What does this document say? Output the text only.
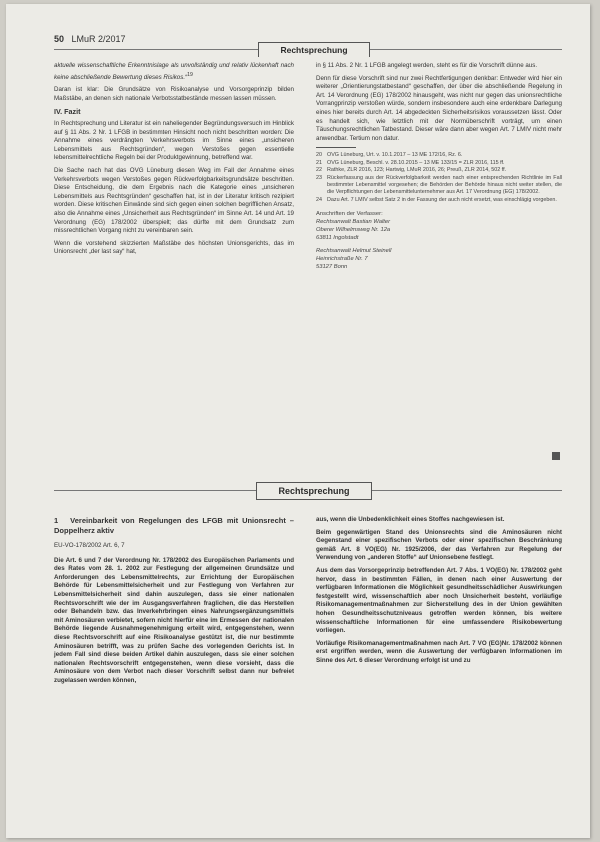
50 LMuR 2/2017
Rechtsprechung

aktuelle wissenschaftliche Erkenntnislage als unvollständig und relativ lückenhaft nach keine abschließende Bewertung dieses Risikos.“$^{19}$

Daran ist klar: Die Grundsätze von Risikoanalyse und Vorsorgeprinzip bilden Maßstäbe, an denen sich nationale Verbotsstatbestände messen lassen müssen.

IV. Fazit

In Rechtsprechung und Literatur ist ein naheliegender Begründungsversuch im Hinblick auf § 11 Abs. 2 Nr. 1 LFGB in bestimmten Hinsicht noch nicht beschritten worden: Die Annahme eines verdrängten Verkehrsverbots im Sinne eines „unsicheren Lebensmittels aus Rechtsgründen“, wegen Verstoßes gegen essentielle lebensmittelrechtliche Regeln bei der Produktgewinnung, betreffend war.

Die Sache nach hat das OVG Lüneburg diesen Weg im Fall der Annahme eines Verkehrsverbots wegen Verstoßes gegen Rückverfolgbarkeitsgrundsätze beschritten. Diese Entscheidung, die dem Ergebnis nach die Kategorie eines „unsicheren Lebensmittels aus Rechtsgründen“ geschaffen hat, ist in der Literatur kritisch rezipiert worden. Diese kritischen Einwände sind sich gegen einen solchen begrifflichen Ansatz, also die Annahme eines „Unsicherheit aus Rechtsgründen“ im Sinne Art. 14 und Art. 19 Verordnung (EG) 178/2002 überspielt; das dürfte mit dem Grundsatz zum missrechtlichen Vorgang nicht zu vereinbaren sein.

Wenn die vorstehend skizzierten Maßstäbe des höchsten Unionsgerichts, das im Unionsrecht „der last say“ hat,

in § 11 Abs. 2 Nr. 1 LFGB angelegt werden, steht es für die Vorschrift dünne aus.

Denn für diese Vorschrift sind nur zwei Rechtfertigungen denkbar: Entweder wird hier ein weiterer „Orientierungstatbestand“ geschaffen, der über die abschließende Regelung in Art. 14 Verordnung (EG) 178/2002 hinausgeht, was nicht nur gegen das unionsrechtliche Vorrangprinzip verstoßen würde, sondern insbesondere auch eine erdenkbare Darlegung eines hier bereits durch Art. 14 abgedeckten Sicherheitsrisikos voraussetzen lässt. Oder es handelt sich, wie letztlich mit der Normüberschrift vorträgt, um einen Täuschungsrechtlichen Tatbestand. Dieser wäre dann aber wegen Art. 7 LMIV nicht mehr anwendbar. Tertium non datur.

20 OVG Lüneburg, Urt. v. 10.1.2017 – 13 ME 172/16, Rz. 6.
21 OVG Lüneburg, Beschl. v. 28.10.2015 – 13 ME 133/15 = ZLR 2016, 115 ff.
22 Rathke, ZLR 2016, 123; Hartwig, LMuR 2016, 26; Preuß, ZLR 2014, 502 ff.
23 Rückerfassung aus der Rückverfolgbarkeit werden nach einer entsprechenden Richtlinie im Fall bestimmter Lebensmittel vorgesehen; die Behörden der Behörde hinaus nicht weiter stellen, die die Verpflichtungen der Lebensmittelunternehmer aus Art. 17 Verordnung (EG) 178/2002.
24 Dazu Art. 7 LMIV selbst Satz 2 in der Fassung der auch nicht ersetzt, was einschlägig vorgeben.
Anschriften der Verfasser:
Rechtsanwalt Bastian Walter
Oberer Wilhelmsweg Nr. 12a
63811 Ingolstadt
Rechtsanwalt Helmut Steinell
Heinrichstraße Nr. 7
53127 Bonn
Rechtsprechung
1 Vereinbarkeit von Regelungen des LFGB mit Unionsrecht – Doppelherz aktiv
EU-VO-178/2002 Art. 6, 7

Die Art. 6 und 7 der Verordnung Nr. 178/2002 des Europäischen Parlaments und des Rates vom 28. 1. 2002 zur Festlegung der allgemeinen Grundsätze und Anforderungen des Lebensmittelrechts, zur Errichtung der Europäischen Behörde für Lebensmittelsicherheit und zur Festlegung von Verfahren zur Lebensmittelsicherheit sind dahin auszulegen, dass sie einer nationalen Rechtsvorschrift wie der im Ausgangsverfahren fraglichen, die das Herstellen oder Behandeln bzw. das Inverkehrbringen eines Nahrungsergänzungsmittels mit Aminosäuren verbietet, sofern nicht hierfür eine im Ermessen der nationalen Behörde liegende Ausnahmegenehmigung erteilt wird, entgegenstehen, wenn diese Rechtsvorschrift auf eine Risikoanalyse gestützt ist, die nur bestimmte Aminosäuren betrifft, was zu prüfen Sache des vorlegenden Gerichts ist. In jedem Fall sind diese beiden Artikel dahin auszulegen, dass sie einer solchen nationalen Rechtsvorschrift entgegenstehen, wenn diese vorsieht, dass die Aminosäure von dem Verbot nach dieser Vorschrift selbst dann nur befreiet zugelassen werden können,

aus, wenn die Unbedenklichkeit eines Stoffes nachgewiesen ist.

Beim gegenwärtigen Stand des Unionsrechts sind die Aminosäuren nicht Gegenstand einer spezifischen Verbots oder einer spezifischen Beschränkung gemäß Art. 8 VO(EG) Nr. 1925/2006, der das Verfahren zur Regelung der Verwendung von „anderen Stoffe“ auf Unionsebene festlegt.

Aus dem das Vorsorgeprinzip betreffenden Art. 7 Abs. 1 VO(EG) Nr. 178/2002 geht hervor, dass in bestimmten Fällen, in denen nach einer Auswertung der verfügbaren Informationen die Möglichkeit gesundheitsschädlicher Auswirkungen festgestellt wird, wissenschaftlich aber noch Unsicherheit besteht, vorläufige Risikomanagementmaßnahmen zur Sicherstellung des in der Union gewählten hohen Gesundheitsschutzniveaus getroffen werden können, bis weitere wissenschaftliche Informationen für eine umfassendere Risikobewertung vorliegen.

Vorläufige Risikomanagementmaßnahmen nach Art. 7 VO (EG)Nr. 178/2002 können erst ergriffen werden, wenn die Auswertung der verfügbaren Informationen im Sinne des Art. 6 dieser Verordnung erfolgt ist und zu
